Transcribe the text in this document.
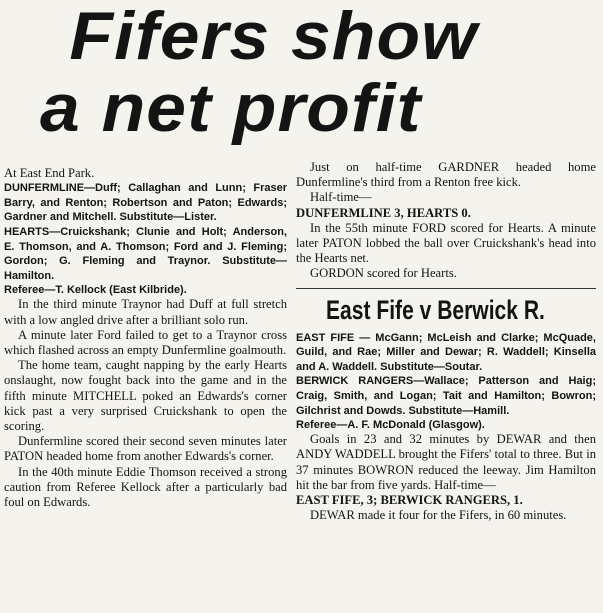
Fifers show
a net profit

At East End Park.

DUNFERMLINE—Duff; Callaghan and Lunn; Fraser Barry, and Renton; Robertson and Paton; Edwards; Gardner and Mitchell. Substitute—Lister.

HEARTS—Cruickshank; Clunie and Holt; Anderson, E. Thomson, and A. Thomson; Ford and J. Fleming; Gordon; G. Fleming and Traynor. Substitute—Hamilton.

Referee—T. Kellock (East Kilbride).

In the third minute Traynor had Duff at full stretch with a low angled drive after a brilliant solo run.

A minute later Ford failed to get to a Traynor cross which flashed across an empty Dunfermline goalmouth.

The home team, caught napping by the early Hearts onslaught, now fought back into the game and in the fifth minute MITCHELL poked an Edwards's corner kick past a very surprised Cruickshank to open the scoring.

Dunfermline scored their second seven minutes later PATON headed home from another Edwards's corner.

In the 40th minute Eddie Thomson received a strong caution from Referee Kellock after a particularly bad foul on Edwards.

Just on half-time GARDNER headed home Dunfermline's third from a Renton free kick.

Half-time—

DUNFERMLINE 3, HEARTS 0.

In the 55th minute FORD scored for Hearts. A minute later PATON lobbed the ball over Cruickshank's head into the Hearts net.

GORDON scored for Hearts.

East Fife v Berwick R.

EAST FIFE — McGann; McLeish and Clarke; McQuade, Guild, and Rae; Miller and Dewar; R. Waddell; Kinsella and A. Waddell. Substitute—Soutar.

BERWICK RANGERS—Wallace; Patterson and Haig; Craig, Smith, and Logan; Tait and Hamilton; Bowron; Gilchrist and Dowds. Substitute—Hamill.

Referee—A. F. McDonald (Glasgow).

Goals in 23 and 32 minutes by DEWAR and then ANDY WADDELL brought the Fifers' total to three. But in 37 minutes BOWRON reduced the leeway. Jim Hamilton hit the bar from five yards. Half-time—

EAST FIFE, 3; BERWICK RANGERS, 1.

DEWAR made it four for the Fifers, in 60 minutes.
